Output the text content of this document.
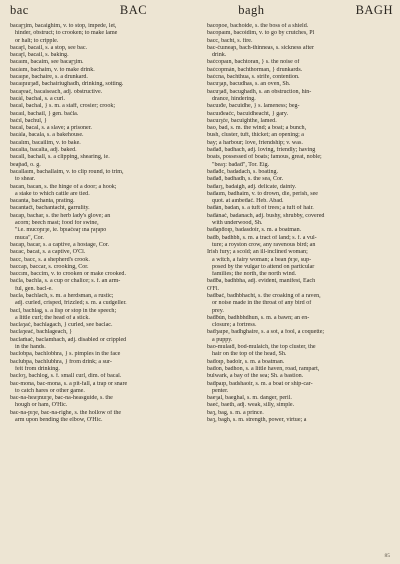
bac	BAC	bagh	BAGH
bacaɼȝim, bacaighim, v. to stop, impede, let,
hinder, obstruct; to crooken; to make lame
or halt; to cripple.
bacaɼl, bacail, s. a stop, see bac.
bacaɼl, bacail, s. baking.
bacaım, bacaim, see bacaɼȝim.
bacáım, bachaim, v. to make drink.
bacaıɲe, bachaire, s. a drunkard.
bacaıɲıuȝaḋ, bachairiughadh, drinking, sotting.
bacaɼeaċ, bacaiseach, adj. obstructive.
bacál, bachal, s. a curl.
bacal, bachal, } s. m. a staff, crosier; crook;
bacaıl, bachail, } gen. baċla.
baćıl, bachul, }
bacal, bacal, s. a slave; a prisoner.
bacála, bacala, s. a bakehouse.
bacalım, bacailim, v. to bake.
bacalta, bacalta, adj. baked.
bacall, bachall, s. a clipping, shearing, ie.
beaṗaḋ, o. g.
bacallaım, bachallaim, v. to clip round, to trim,
to shear.
bacan, bacan, s. the hinge of a door; a hook;
a stake to which cattle are tied.
bacanta, bachanta, prating.
bacantaċt, bachantacht, garrulity.
bacap, bachar, s. the herb lady's glove; an
acorn; beech mast; food for swine,
"i.e. mucoɲıȝe, ie. bpıaċeaɼ ına ɼaɼaɲo
muca", Cor.
bacap, bacar, s. a captive, a hostage, Cor.
bacac, bacat, s. a captive, O'Cl.
bacc, bacc, s. a shepherd's crook.
baccaɲ, baccar, s. crooking, Cor.
baccım, baccim, v. to crooken or make crooked.
baćla, bachla, s. a cup or chalice; s. f. an arm-
ful, gen. bacl-e.
bacla, bachlach, s. m. a herdsman, a rustic;
adj. curled, crisped, frizzled; s. m. a cudgeller.
bacl, bachlag, s. a lisp or stop in the speech;
a little curl; the head of a stick.
baclaȝaċ, bachlagach, } curled, see baclac.
baclaȝeaċ, bachlageach, }
baclaṁaċ, baclamhach, adj. disabled or crippled
in the hands.
baclobpa, bachlobhra, } s. pimples in the face
baclubpa, bachlubhra, } from drink; a sur-
feit from drinking.
bacloȝ, bachlog, s. f. small curl, dim. of bacal.
bac-mona, bac-mona, s. a pit-fall, a trap or snare
to catch hares or other game.
bac-na-heaȝnuıȝe, bac-na-heasguide, s. the
hough or ham, O'Hic.
bac-na-pıȝe, bac-na-righe, s. the hollow of the
arm upon bending the elbow, O'Hic.
bacoɲoe, bachoide, s. the boss of a shield.
bacopaım, bacoidim, v. to go by crutches, Pl
bacc, bacht, s. fire.
bac-ċuıneaɲ, bach-thinneas, s. sickness after
drink.
baćcopaın, bachtoran, } s. the noise of
baćcopmán, bachthorman, } drunkards.
baćcna, bachthua, s. strife, contention.
bacuȝaɲ, bacudhas, s. an oven, Sh.
bacuȝaḋ, bacughadh, s. an obstruction, hin-
drance, hindering.
bacuıḋe, bacuidhe, } s. lameness; beg-
bacuıḋeaċc, bacuidheacht, } gary.
bacuıȝċe, bacuighthe, lamed.
bao, bad, s. m. the wind; a boat; a bunch,
bush, cluster, tuft, thicket; an opening; a
bay; a harbour; love, friendship; v. was.
baḋaḋ, badhach, adj. loving, friendly; having
boats, possessed of boats; famous, great, noble;
"beaȝ: baḋaḋ", Tor. Eig.
baḋaḋc, badadach, s. boating.
baḋaḋ, badhadh, s. the sea, Cor.
baḋaıȝ, badaigh, adj. delicate, dainty.
baḋaım, badhaim, v. to drown, die, perish, see
quot. at aınbeḋaċ. Heb. Abad.
baḋán, badan, s. a tuft of trees; a tuft of hair.
baḋánaċ, badanach, adj. bushy, shrubby, covered
with underwood, Sh.
baḋaɲḋoıp, badasdoir, s. m. a boatman.
baḋb, badhbh, s. m. a tract of land; s. f. a vul-
ture; a royston crow, any ravenous bird; an
Irish fury; a scold; an ill-inclined woman;
a witch, a fairy woman; a bean ṗıȝe, sup-
posed by the vulgar to attend on particular
families; the north, the north wind.
baḋḃa, badhbha, adj. evident, manifest, Each
O'Fl.
baḋbaċ, badhbhacht, s. the croaking of a raven,
or noise made in the throat of any bird of
prey.
baḋḃún, badhbhdhun, s. m. a bawn; an en-
closure; a fortress.
baḋȝaıpe, badhghaire, s. a sot, a fool, a coquette;
a puppy.
bao-mulaıḋ, bod-mulaich, the top cluster, the
hair on the top of the head, Sh.
baḋoıp, badoir, s. m. a boatman.
baḋon, badhon, s. a little haven, road, rampart,
bulwark, a bay of the sea; Sh. a bastion.
baḋpaıp, badshaoir, s. m. a boat or ship-car-
penter.
baeȝal, baeghal, s. m. danger, peril.
baeċ, baeth, adj. weak, silly, simple.
baȝ, bag, s. m. a prince.
baȝ, bagh, s. m. strength, power, virtue; a
85
